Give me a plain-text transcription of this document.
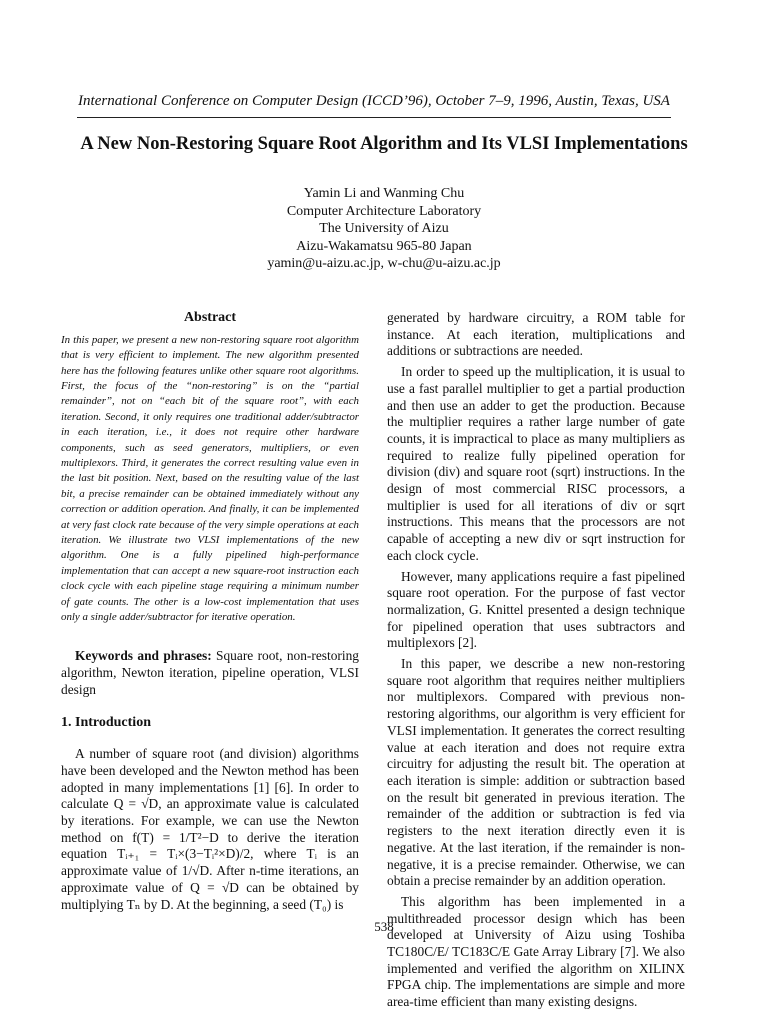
International Conference on Computer Design (ICCD’96), October 7–9, 1996, Austin, Texas, USA
A New Non-Restoring Square Root Algorithm and Its VLSI Implementations
Yamin Li and Wanming Chu
Computer Architecture Laboratory
The University of Aizu
Aizu-Wakamatsu 965-80 Japan
yamin@u-aizu.ac.jp, w-chu@u-aizu.ac.jp
Abstract

In this paper, we present a new non-restoring square root algorithm that is very efficient to implement. The new algorithm presented here has the following features unlike other square root algorithms. First, the focus of the “non-restoring” is on the “partial remainder”, not on “each bit of the square root”, with each iteration. Second, it only requires one traditional adder/subtractor in each iteration, i.e., it does not require other hardware components, such as seed generators, multipliers, or even multiplexors. Third, it generates the correct resulting value even in the last bit position. Next, based on the resulting value of the last bit, a precise remainder can be obtained immediately without any correction or addition operation. And finally, it can be implemented at very fast clock rate because of the very simple operations at each iteration. We illustrate two VLSI implementations of the new algorithm. One is a fully pipelined high-performance implementation that can accept a new square-root instruction each clock cycle with each pipeline stage requiring a minimum number of gate counts. The other is a low-cost implementation that uses only a single adder/subtractor for iterative operation.

Keywords and phrases: Square root, non-restoring algorithm, Newton iteration, pipeline operation, VLSI design

1. Introduction

A number of square root (and division) algorithms have been developed and the Newton method has been adopted in many implementations [1] [6]. In order to calculate Q = √D, an approximate value is calculated by iterations. For example, we can use the Newton method on f(T) = 1/T²−D to derive the iteration equation Tᵢ₊₁ = Tᵢ×(3−Tᵢ²×D)/2, where Tᵢ is an approximate value of 1/√D. After n-time iterations, an approximate value of Q = √D can be obtained by multiplying Tₙ by D. At the beginning, a seed (T₀) is

generated by hardware circuitry, a ROM table for instance. At each iteration, multiplications and additions or subtractions are needed.

In order to speed up the multiplication, it is usual to use a fast parallel multiplier to get a partial production and then use an adder to get the production. Because the multiplier requires a rather large number of gate counts, it is impractical to place as many multipliers as required to realize fully pipelined operation for division (div) and square root (sqrt) instructions. In the design of most commercial RISC processors, a multiplier is used for all iterations of div or sqrt instructions. This means that the processors are not capable of accepting a new div or sqrt instruction for each clock cycle.

However, many applications require a fast pipelined square root operation. For the purpose of fast vector normalization, G. Knittel presented a design technique for pipelined operation that uses subtractors and multiplexors [2].

In this paper, we describe a new non-restoring square root algorithm that requires neither multipliers nor multiplexors. Compared with previous non-restoring algorithms, our algorithm is very efficient for VLSI implementation. It generates the correct resulting value at each iteration and does not require extra circuitry for adjusting the result bit. The operation at each iteration is simple: addition or subtraction based on the result bit generated in previous iteration. The remainder of the addition or subtraction is fed via registers to the next iteration directly even it is negative. At the last iteration, if the remainder is non-negative, it is a precise remainder. Otherwise, we can obtain a precise remainder by an addition operation.

This algorithm has been implemented in a multithreaded processor design which has been developed at University of Aizu using Toshiba TC180C/E/ TC183C/E Gate Array Library [7]. We also implemented and verified the algorithm on XILINX FPGA chip. The implementations are simple and more area-time efficient than many existing designs.

538
